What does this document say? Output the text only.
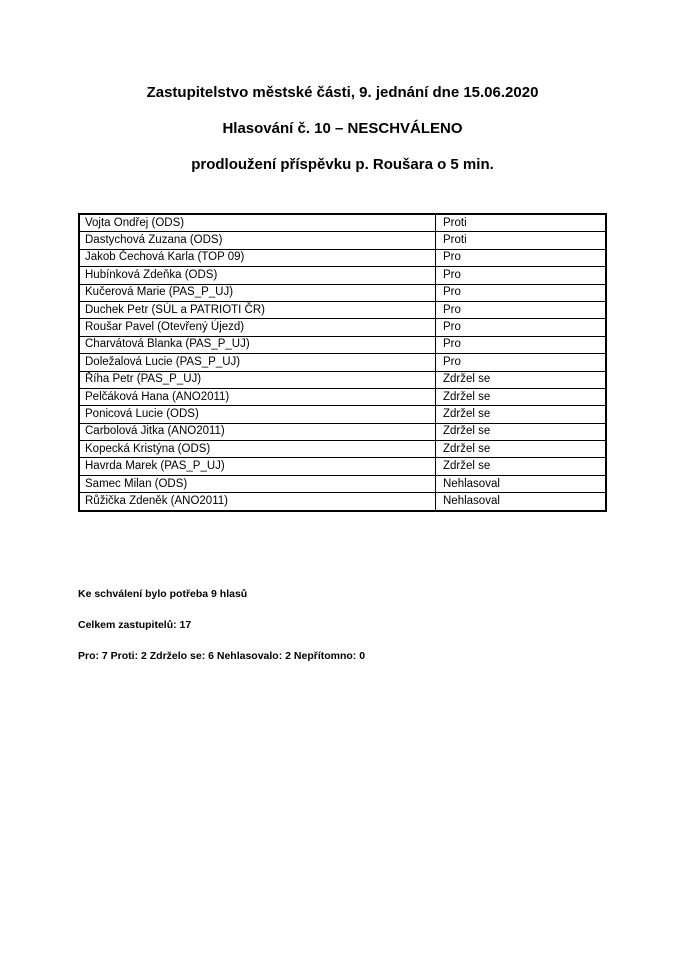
Zastupitelstvo městské části, 9. jednání dne 15.06.2020

Hlasování č. 10 – NESCHVÁLENO

prodloužení příspěvku p. Roušara o 5 min.

Vojta Ondřej (ODS)	Proti
Dastychová Zuzana (ODS)	Proti
Jakob Čechová Karla (TOP 09)	Pro
Hubínková Zdeňka (ODS)	Pro
Kučerová Marie (PAS_P_UJ)	Pro
Duchek Petr (SÚL a PATRIOTI ČR)	Pro
Roušar Pavel (Otevřený Újezd)	Pro
Charvátová Blanka (PAS_P_UJ)	Pro
Doležalová Lucie (PAS_P_UJ)	Pro
Říha Petr (PAS_P_UJ)	Zdržel se
Pelčáková Hana (ANO2011)	Zdržel se
Ponicová Lucie (ODS)	Zdržel se
Carbolová Jitka (ANO2011)	Zdržel se
Kopecká Kristýna (ODS)	Zdržel se
Havrda Marek (PAS_P_UJ)	Zdržel se
Samec Milan (ODS)	Nehlasoval
Růžička Zdeněk (ANO2011)	Nehlasoval

Ke schválení bylo potřeba 9 hlasů

Celkem zastupitelů: 17

Pro: 7 Proti: 2 Zdrželo se: 6 Nehlasovalo: 2 Nepřítomno: 0
